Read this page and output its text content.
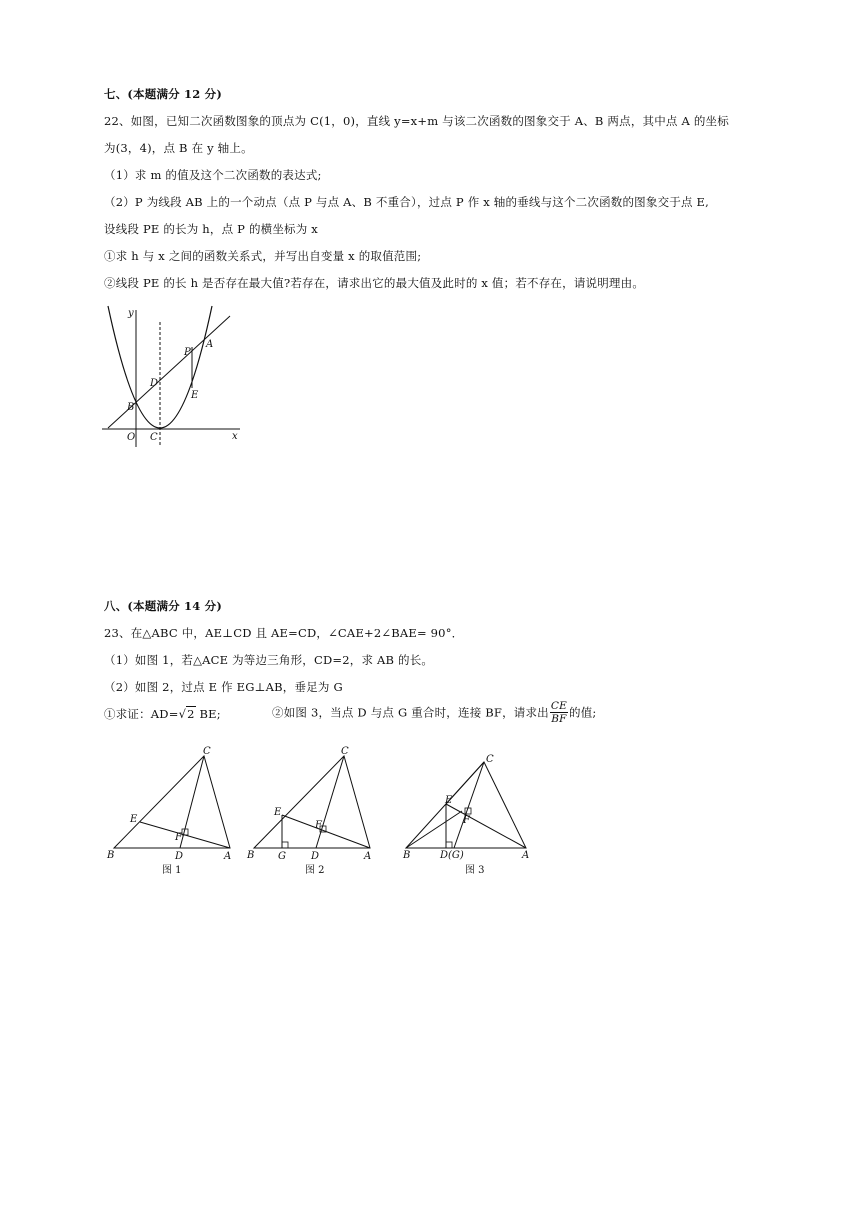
七、(本题满分 12 分)
22、如图，已知二次函数图象的顶点为 C(1，0)，直线 y=x+m 与该二次函数的图象交于 A、B 两点，其中点 A 的坐标
为(3，4)，点 B 在 y 轴上。
（1）求 m 的值及这个二次函数的表达式;
（2）P 为线段 AB 上的一个动点（点 P 与点 A、B 不重合），过点 P 作 x 轴的垂线与这个二次函数的图象交于点 E,
设线段 PE 的长为 h，点 P 的横坐标为 x
①求 h 与 x 之间的函数关系式，并写出自变量 x 的取值范围;
②线段 PE 的长 h 是否存在最大值?若存在，请求出它的最大值及此时的 x 值；若不存在，请说明理由。
y
x
O C
B
D
P
A
E
八、(本题满分 14 分)
23、在△ABC 中，AE⊥CD 且 AE=CD，∠CAE+2∠BAE= 90°．
（1）如图 1，若△ACE 为等边三角形，CD=2，求 AB 的长。
（2）如图 2，过点 E 作 EG⊥AB，垂足为 G
①求证：AD=√2 BE;	②如图 3，当点 D 与点 G 重合时，连接 BF，请求出 $\frac{CE}{BF}$ 的值;
C
E
F
B	D	A
图 1
C
E
F
B G	D	A
图 2
C
E
F
B	D(G)	A
图 3
